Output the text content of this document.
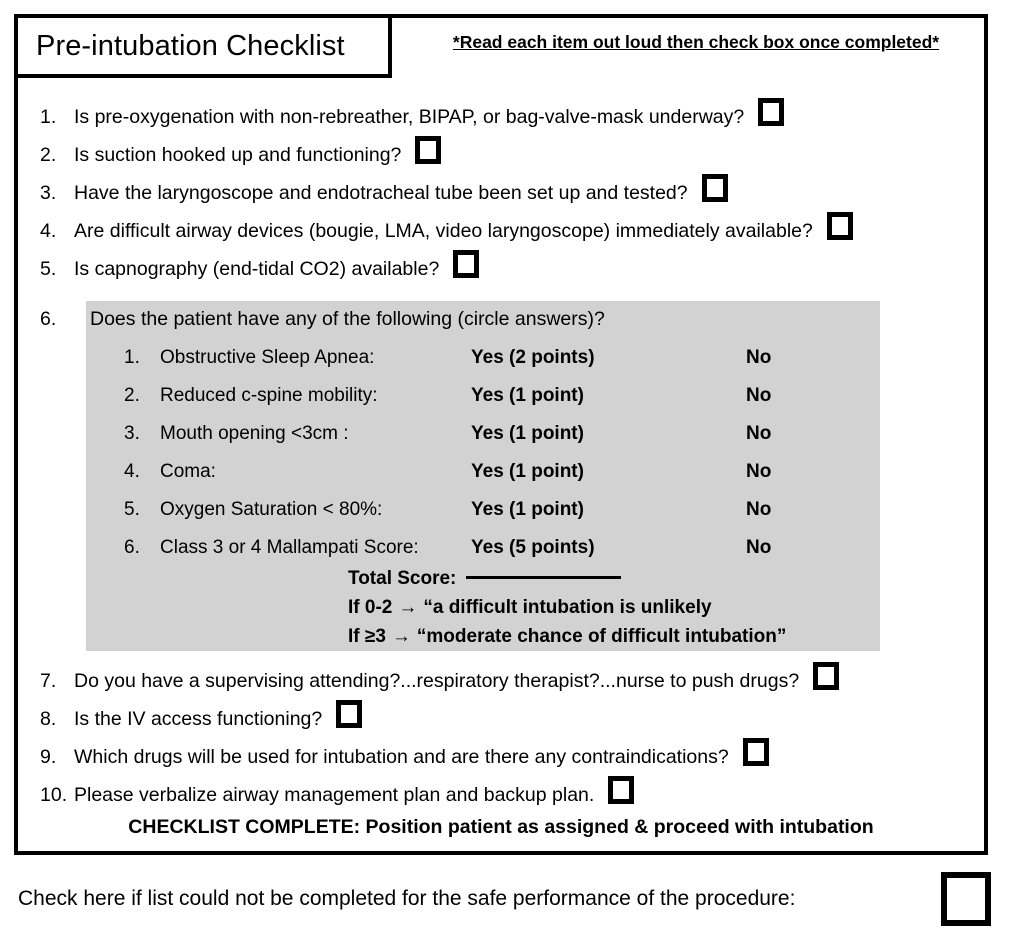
Pre-intubation Checklist	*Read each item out loud then check box once completed*
1. Is pre-oxygenation with non-rebreather, BIPAP, or bag-valve-mask underway?
2. Is suction hooked up and functioning?
3. Have the laryngoscope and endotracheal tube been set up and tested?
4. Are difficult airway devices (bougie, LMA, video laryngoscope) immediately available?
5. Is capnography (end-tidal CO2) available?
6.	Does the patient have any of the following (circle answers)?
1.	Obstructive Sleep Apnea:	Yes (2 points)	No
2.	Reduced c-spine mobility:	Yes (1 point)	No
3.	Mouth opening <3cm :	Yes (1 point)	No
4.	Coma:	Yes (1 point)	No
5.	Oxygen Saturation < 80%:	Yes (1 point)	No
6.	Class 3 or 4 Mallampati Score:	Yes (5 points)	No
Total Score:
If 0-2 → “a difficult intubation is unlikely
If ≥3 → “moderate chance of difficult intubation”
7. Do you have a supervising attending?...respiratory therapist?...nurse to push drugs?
8. Is the IV access functioning?
9. Which drugs will be used for intubation and are there any contraindications?
10. Please verbalize airway management plan and backup plan.
CHECKLIST COMPLETE: Position patient as assigned & proceed with intubation
Check here if list could not be completed for the safe performance of the procedure:
